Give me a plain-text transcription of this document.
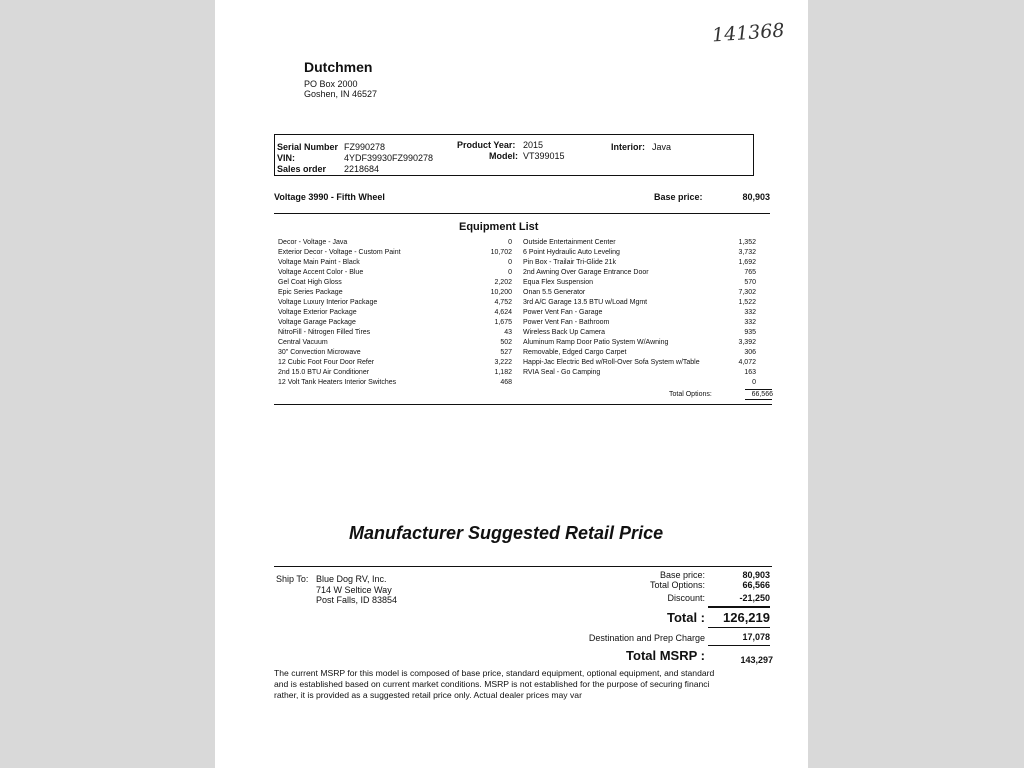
141368
Dutchmen
PO Box 2000
Goshen, IN 46527
Serial Number FZ990278
VIN:	4YDF39930FZ990278
Sales order 2218684
Product Year: 2015
Model: VT399015
Interior: Java
Voltage 3990 - Fifth Wheel	Base price:	80,903
Equipment List
Total Options:	66,566
Manufacturer Suggested Retail Price
Ship To: Blue Dog RV, Inc.
714 W Seltice Way
Post Falls, ID 83854
Base price:	80,903
Total Options:	66,566
Discount:	-21,250
Total :	126,219
Destination and Prep Charge	17,078
Total MSRP :	143,297
The current MSRP for this model is composed of base price, standard equipment, optional equipment, and standard
and is established based on current market conditions. MSRP is not established for the purpose of securing financi
rather, it is provided as a suggested retail price only. Actual dealer prices may var
Decor - Voltage - Java	0
Exterior Decor - Voltage - Custom Paint	10,702
Voltage Main Paint - Black	0
Voltage Accent Color - Blue	0
Gel Coat High Gloss	2,202
Epic Series Package	10,200
Voltage Luxury Interior Package	4,752
Voltage Exterior Package	4,624
Voltage Garage Package	1,675
NitroFill - Nitrogen Filled Tires	43
Central Vacuum	502
30" Convection Microwave	527
12 Cubic Foot Four Door Refer	3,222
2nd 15.0 BTU Air Conditioner	1,182
12 Volt Tank Heaters Interior Switches	468
Outside Entertainment Center	1,352
6 Point Hydraulic Auto Leveling	3,732
Pin Box - Trailair Tri-Glide 21k	1,692
2nd Awning Over Garage Entrance Door	765
Equa Flex Suspension	570
Onan 5.5 Generator	7,302
3rd A/C Garage 13.5 BTU w/Load Mgmt	1,522
Power Vent Fan - Garage	332
Power Vent Fan - Bathroom	332
Wireless Back Up Camera	935
Aluminum Ramp Door Patio System W/Awning	3,392
Removable, Edged Cargo Carpet	306
Happi-Jac Electric Bed w/Roll-Over Sofa System w/Table	4,072
RVIA Seal - Go Camping	163
0
